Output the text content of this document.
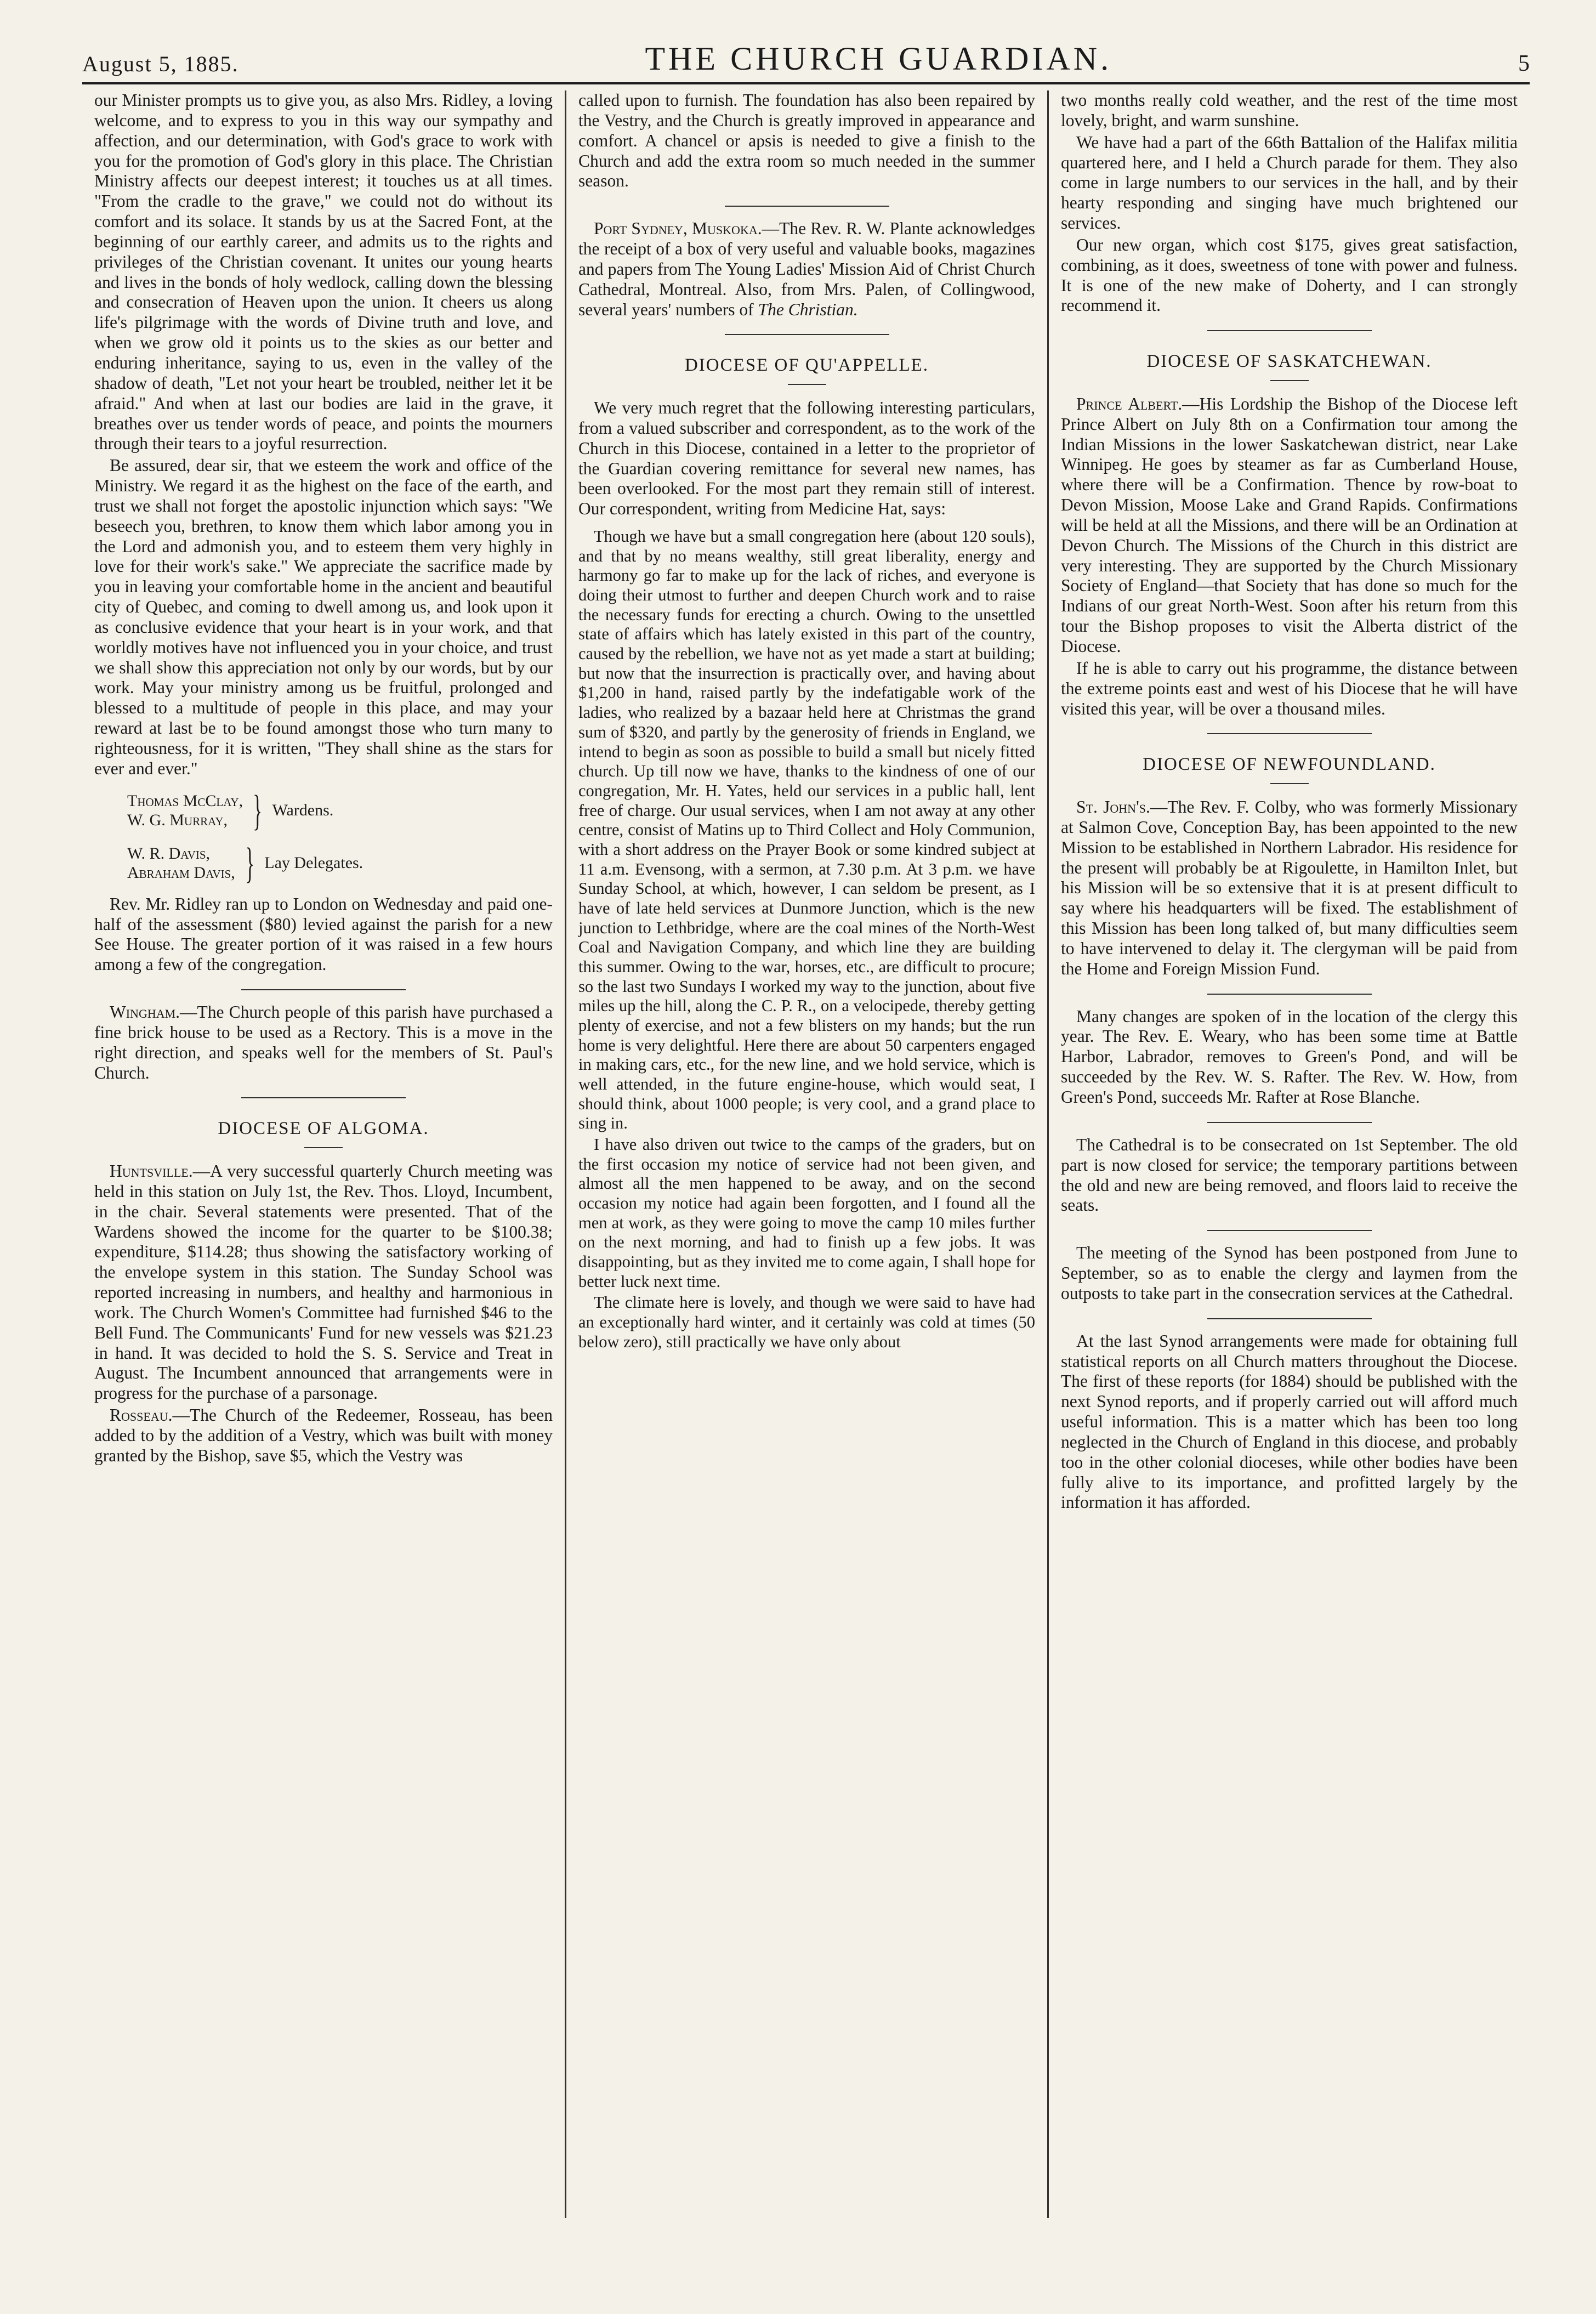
August 5, 1885.	THE CHURCH GUARDIAN.	5

our Minister prompts us to give you, as also Mrs. Ridley, a loving welcome, and to express to you in this way our sympathy and affection, and our determination, with God's grace to work with you for the promotion of God's glory in this place. The Christian Ministry affects our deepest interest; it touches us at all times. "From the cradle to the grave," we could not do without its comfort and its solace. It stands by us at the Sacred Font, at the beginning of our earthly career, and admits us to the rights and privileges of the Christian covenant. It unites our young hearts and lives in the bonds of holy wedlock, calling down the blessing and consecration of Heaven upon the union. It cheers us along life's pilgrimage with the words of Divine truth and love, and when we grow old it points us to the skies as our better and enduring inheritance, saying to us, even in the valley of the shadow of death, "Let not your heart be troubled, neither let it be afraid." And when at last our bodies are laid in the grave, it breathes over us tender words of peace, and points the mourners through their tears to a joyful resurrection.

Be assured, dear sir, that we esteem the work and office of the Ministry. We regard it as the highest on the face of the earth, and trust we shall not forget the apostolic injunction which says: "We beseech you, brethren, to know them which labor among you in the Lord and admonish you, and to esteem them very highly in love for their work's sake." We appreciate the sacrifice made by you in leaving your comfortable home in the ancient and beautiful city of Quebec, and coming to dwell among us, and look upon it as conclusive evidence that your heart is in your work, and that worldly motives have not influenced you in your choice, and trust we shall show this appreciation not only by our words, but by our work. May your ministry among us be fruitful, prolonged and blessed to a multitude of people in this place, and may your reward at last be to be found amongst those who turn many to righteousness, for it is written, "They shall shine as the stars for ever and ever."

Thomas McClay,
W. G. Murray, } Wardens.
W. R. Davis,
Abraham Davis, } Lay Delegates.

Rev. Mr. Ridley ran up to London on Wednesday and paid one-half of the assessment ($80) levied against the parish for a new See House. The greater portion of it was raised in a few hours among a few of the congregation.

Wingham.—The Church people of this parish have purchased a fine brick house to be used as a Rectory. This is a move in the right direction, and speaks well for the members of St. Paul's Church.

DIOCESE OF ALGOMA.

Huntsville.—A very successful quarterly Church meeting was held in this station on July 1st, the Rev. Thos. Lloyd, Incumbent, in the chair. Several statements were presented. That of the Wardens showed the income for the quarter to be $100.38; expenditure, $114.28; thus showing the satisfactory working of the envelope system in this station. The Sunday School was reported increasing in numbers, and healthy and harmonious in work. The Church Women's Committee had furnished $46 to the Bell Fund. The Communicants' Fund for new vessels was $21.23 in hand. It was decided to hold the S. S. Service and Treat in August. The Incumbent announced that arrangements were in progress for the purchase of a parsonage.

Rosseau.—The Church of the Redeemer, Rosseau, has been added to by the addition of a Vestry, which was built with money granted by the Bishop, save $5, which the Vestry was

called upon to furnish. The foundation has also been repaired by the Vestry, and the Church is greatly improved in appearance and comfort. A chancel or apsis is needed to give a finish to the Church and add the extra room so much needed in the summer season.

Port Sydney, Muskoka.—The Rev. R. W. Plante acknowledges the receipt of a box of very useful and valuable books, magazines and papers from The Young Ladies' Mission Aid of Christ Church Cathedral, Montreal. Also, from Mrs. Palen, of Collingwood, several years' numbers of The Christian.

DIOCESE OF QU'APPELLE.

We very much regret that the following interesting particulars, from a valued subscriber and correspondent, as to the work of the Church in this Diocese, contained in a letter to the proprietor of the Guardian covering remittance for several new names, has been overlooked. For the most part they remain still of interest. Our correspondent, writing from Medicine Hat, says:

Though we have but a small congregation here (about 120 souls), and that by no means wealthy, still great liberality, energy and harmony go far to make up for the lack of riches, and everyone is doing their utmost to further and deepen Church work and to raise the necessary funds for erecting a church. Owing to the unsettled state of affairs which has lately existed in this part of the country, caused by the rebellion, we have not as yet made a start at building; but now that the insurrection is practically over, and having about $1,200 in hand, raised partly by the indefatigable work of the ladies, who realized by a bazaar held here at Christmas the grand sum of $320, and partly by the generosity of friends in England, we intend to begin as soon as possible to build a small but nicely fitted church. Up till now we have, thanks to the kindness of one of our congregation, Mr. H. Yates, held our services in a public hall, lent free of charge. Our usual services, when I am not away at any other centre, consist of Matins up to Third Collect and Holy Communion, with a short address on the Prayer Book or some kindred subject at 11 a.m. Evensong, with a sermon, at 7.30 p.m. At 3 p.m. we have Sunday School, at which, however, I can seldom be present, as I have of late held services at Dunmore Junction, which is the new junction to Lethbridge, where are the coal mines of the North-West Coal and Navigation Company, and which line they are building this summer. Owing to the war, horses, etc., are difficult to procure; so the last two Sundays I worked my way to the junction, about five miles up the hill, along the C. P. R., on a velocipede, thereby getting plenty of exercise, and not a few blisters on my hands; but the run home is very delightful. Here there are about 50 carpenters engaged in making cars, etc., for the new line, and we hold service, which is well attended, in the future engine-house, which would seat, I should think, about 1000 people; is very cool, and a grand place to sing in.

I have also driven out twice to the camps of the graders, but on the first occasion my notice of service had not been given, and almost all the men happened to be away, and on the second occasion my notice had again been forgotten, and I found all the men at work, as they were going to move the camp 10 miles further on the next morning, and had to finish up a few jobs. It was disappointing, but as they invited me to come again, I shall hope for better luck next time.

The climate here is lovely, and though we were said to have had an exceptionally hard winter, and it certainly was cold at times (50 below zero), still practically we have only about

two months really cold weather, and the rest of the time most lovely, bright, and warm sunshine.

We have had a part of the 66th Battalion of the Halifax militia quartered here, and I held a Church parade for them. They also come in large numbers to our services in the hall, and by their hearty responding and singing have much brightened our services.

Our new organ, which cost $175, gives great satisfaction, combining, as it does, sweetness of tone with power and fulness. It is one of the new make of Doherty, and I can strongly recommend it.

DIOCESE OF SASKATCHEWAN.

Prince Albert.—His Lordship the Bishop of the Diocese left Prince Albert on July 8th on a Confirmation tour among the Indian Missions in the lower Saskatchewan district, near Lake Winnipeg. He goes by steamer as far as Cumberland House, where there will be a Confirmation. Thence by row-boat to Devon Mission, Moose Lake and Grand Rapids. Confirmations will be held at all the Missions, and there will be an Ordination at Devon Church. The Missions of the Church in this district are very interesting. They are supported by the Church Missionary Society of England—that Society that has done so much for the Indians of our great North-West. Soon after his return from this tour the Bishop proposes to visit the Alberta district of the Diocese.

If he is able to carry out his programme, the distance between the extreme points east and west of his Diocese that he will have visited this year, will be over a thousand miles.

DIOCESE OF NEWFOUNDLAND.

St. John's.—The Rev. F. Colby, who was formerly Missionary at Salmon Cove, Conception Bay, has been appointed to the new Mission to be established in Northern Labrador. His residence for the present will probably be at Rigoulette, in Hamilton Inlet, but his Mission will be so extensive that it is at present difficult to say where his headquarters will be fixed. The establishment of this Mission has been long talked of, but many difficulties seem to have intervened to delay it. The clergyman will be paid from the Home and Foreign Mission Fund.

Many changes are spoken of in the location of the clergy this year. The Rev. E. Weary, who has been some time at Battle Harbor, Labrador, removes to Green's Pond, and will be succeeded by the Rev. W. S. Rafter. The Rev. W. How, from Green's Pond, succeeds Mr. Rafter at Rose Blanche.

The Cathedral is to be consecrated on 1st September. The old part is now closed for service; the temporary partitions between the old and new are being removed, and floors laid to receive the seats.

The meeting of the Synod has been postponed from June to September, so as to enable the clergy and laymen from the outposts to take part in the consecration services at the Cathedral.

At the last Synod arrangements were made for obtaining full statistical reports on all Church matters throughout the Diocese. The first of these reports (for 1884) should be published with the next Synod reports, and if properly carried out will afford much useful information. This is a matter which has been too long neglected in the Church of England in this diocese, and probably too in the other colonial dioceses, while other bodies have been fully alive to its importance, and profitted largely by the information it has afforded.
